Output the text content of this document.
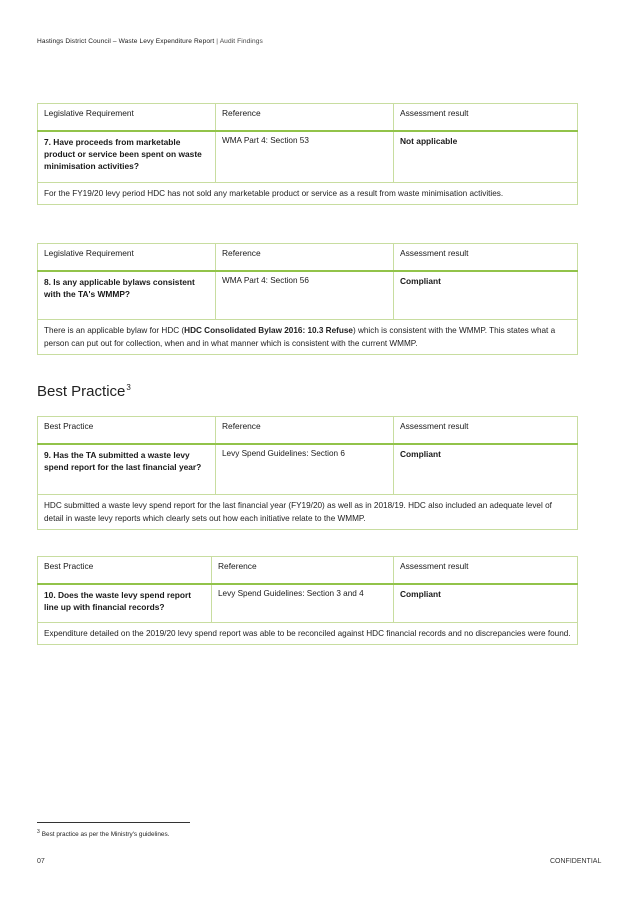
Hastings District Council – Waste Levy Expenditure Report | Audit Findings
Legislative Requirement	Reference	Assessment result
7. Have proceeds from marketable product or service been spent on waste minimisation activities?	WMA Part 4: Section 53	Not applicable
For the FY19/20 levy period HDC has not sold any marketable product or service as a result from waste minimisation activities.		
Legislative Requirement	Reference	Assessment result
8. Is any applicable bylaws consistent with the TA's WMMP?	WMA Part 4: Section 56	Compliant
There is an applicable bylaw for HDC (HDC Consolidated Bylaw 2016: 10.3 Refuse) which is consistent with the WMMP. This states what a person can put out for collection, when and in what manner which is consistent with the current WMMP.		
Best Practice$^3$
Best Practice	Reference	Assessment result
9. Has the TA submitted a waste levy spend report for the last financial year?	Levy Spend Guidelines: Section 6	Compliant
HDC submitted a waste levy spend report for the last financial year (FY19/20) as well as in 2018/19. HDC also included an adequate level of detail in waste levy reports which clearly sets out how each initiative relate to the WMMP.		
Best Practice	Reference	Assessment result
10. Does the waste levy spend report line up with financial records?	Levy Spend Guidelines: Section 3 and 4	Compliant
Expenditure detailed on the 2019/20 levy spend report was able to be reconciled against HDC financial records and no discrepancies were found.		
$^3$ Best practice as per the Ministry's guidelines.
07	CONFIDENTIAL
